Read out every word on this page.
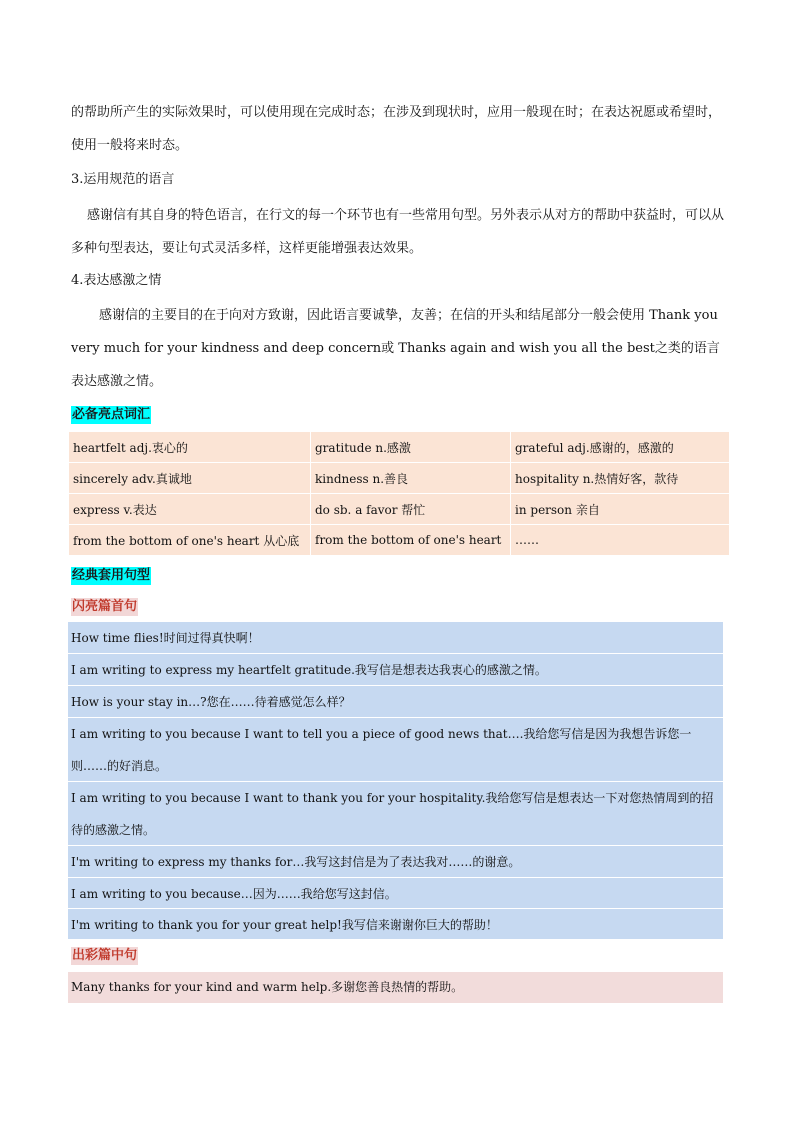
的帮助所产生的实际效果时，可以使用现在完成时态；在涉及到现状时，应用一般现在时；在表达祝愿或希望时，使用一般将来时态。
3.运用规范的语言
感谢信有其自身的特色语言，在行文的每一个环节也有一些常用句型。另外表示从对方的帮助中获益时，可以从多种句型表达，要让句式灵活多样，这样更能增强表达效果。
4.表达感激之情
感谢信的主要目的在于向对方致谢，因此语言要诚挚，友善；在信的开头和结尾部分一般会使用 Thank you very much for your kindness and deep concern或 Thanks again and wish you all the best之类的语言表达感激之情。
必备亮点词汇
heartfelt adj.衷心的	gratitude n.感激	grateful adj.感谢的，感激的
sincerely adv.真诚地	kindness n.善良	hospitality n.热情好客，款待
express v.表达	do sb. a favor 帮忙	in person 亲自
from the bottom of one's heart 从心底	from the bottom of one's heart	……
经典套用句型
闪亮篇首句
How time flies!时间过得真快啊！
I am writing to express my heartfelt gratitude.我写信是想表达我衷心的感激之情。
How is your stay in…?您在……待着感觉怎么样？
I am writing to you because I want to tell you a piece of good news that….我给您写信是因为我想告诉您一则……的好消息。
I am writing to you because I want to thank you for your hospitality.我给您写信是想表达一下对您热情周到的招待的感激之情。
I'm writing to express my thanks for…我写这封信是为了表达我对……的谢意。
I am writing to you because…因为……我给您写这封信。
I'm writing to thank you for your great help!我写信来谢谢你巨大的帮助！
出彩篇中句
Many thanks for your kind and warm help.多谢您善良热情的帮助。
